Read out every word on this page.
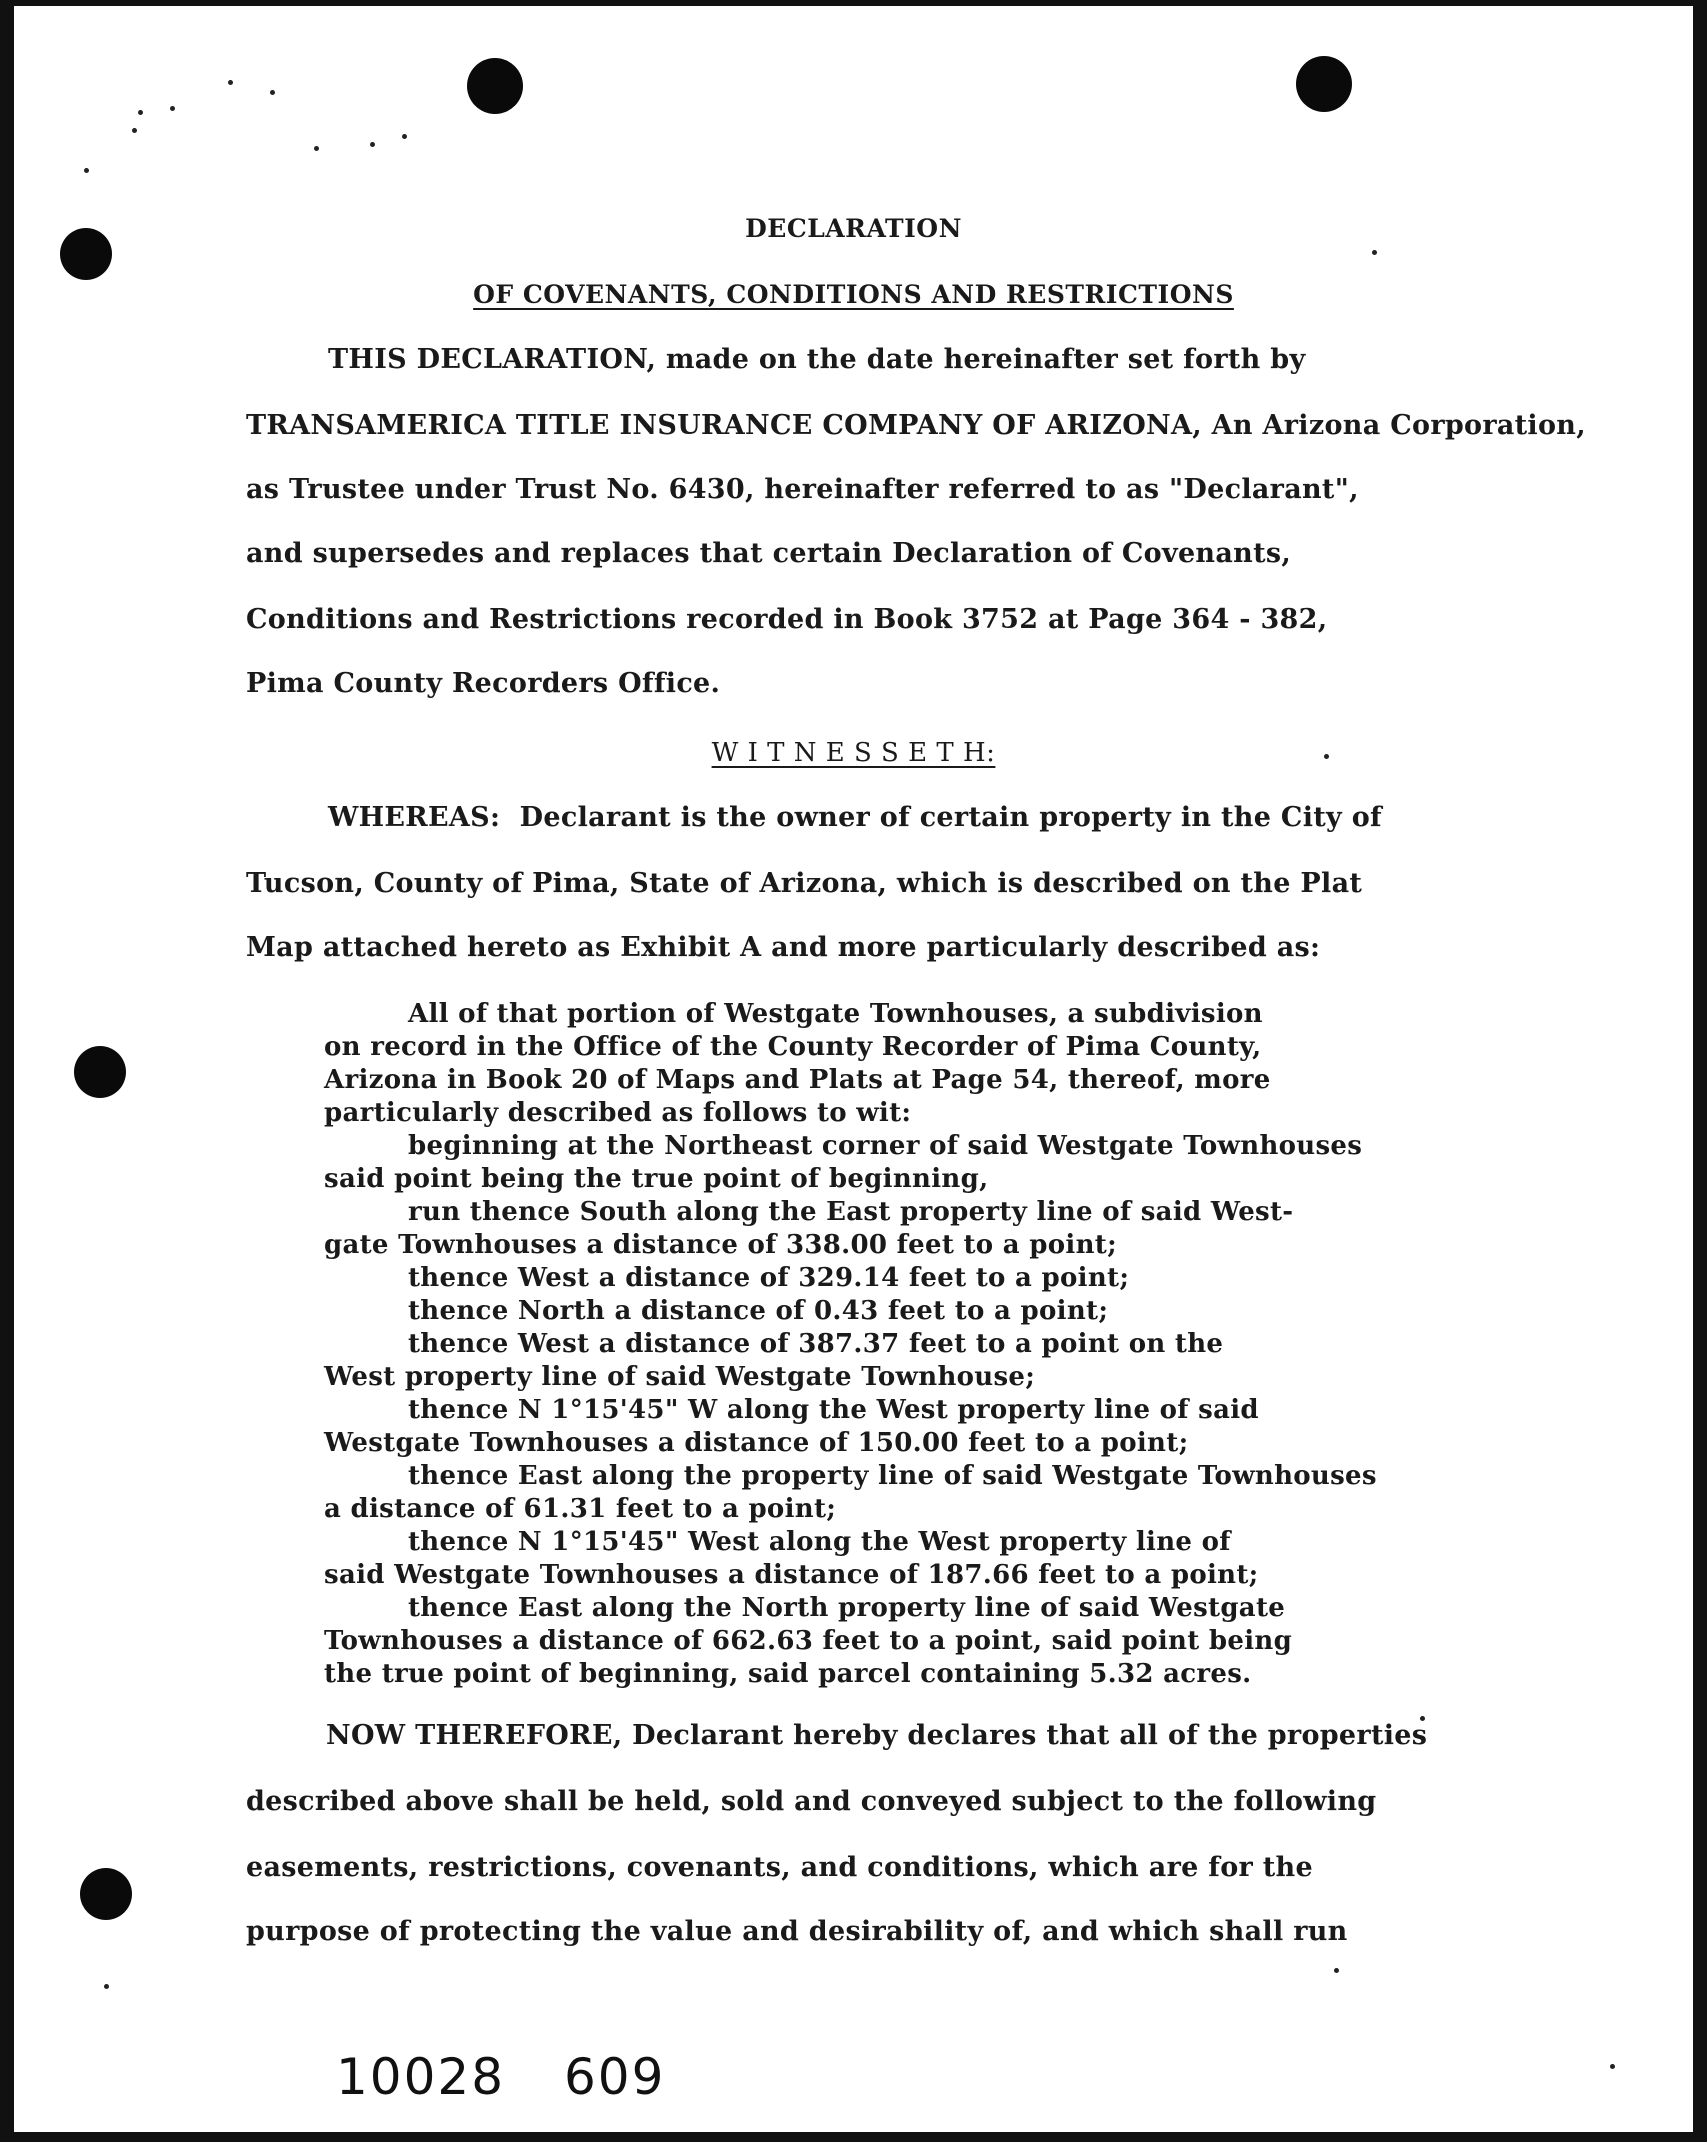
DECLARATION
OF COVENANTS, CONDITIONS AND RESTRICTIONS
THIS DECLARATION, made on the date hereinafter set forth by
TRANSAMERICA TITLE INSURANCE COMPANY OF ARIZONA, An Arizona Corporation,
as Trustee under Trust No. 6430, hereinafter referred to as "Declarant",
and supersedes and replaces that certain Declaration of Covenants,
Conditions and Restrictions recorded in Book 3752 at Page 364 - 382,
Pima County Recorders Office.
W I T N E S S E T H:
WHEREAS:  Declarant is the owner of certain property in the City of
Tucson, County of Pima, State of Arizona, which is described on the Plat
Map attached hereto as Exhibit A and more particularly described as:

All of that portion of Westgate Townhouses, a subdivision

on record in the Office of the County Recorder of Pima County,

Arizona in Book 20 of Maps and Plats at Page 54, thereof, more

particularly described as follows to wit:

beginning at the Northeast corner of said Westgate Townhouses

said point being the true point of beginning,

run thence South along the East property line of said West-

gate Townhouses a distance of 338.00 feet to a point;

thence West a distance of 329.14 feet to a point;

thence North a distance of 0.43 feet to a point;

thence West a distance of 387.37 feet to a point on the

West property line of said Westgate Townhouse;

thence N 1°15'45" W along the West property line of said

Westgate Townhouses a distance of 150.00 feet to a point;

thence East along the property line of said Westgate Townhouses

a distance of 61.31 feet to a point;

thence N 1°15'45" West along the West property line of

said Westgate Townhouses a distance of 187.66 feet to a point;

thence East along the North property line of said Westgate

Townhouses a distance of 662.63 feet to a point, said point being

the true point of beginning, said parcel containing 5.32 acres.

NOW THEREFORE, Declarant hereby declares that all of the properties
described above shall be held, sold and conveyed subject to the following
easements, restrictions, covenants, and conditions, which are for the
purpose of protecting the value and desirability of, and which shall run
10028 609
